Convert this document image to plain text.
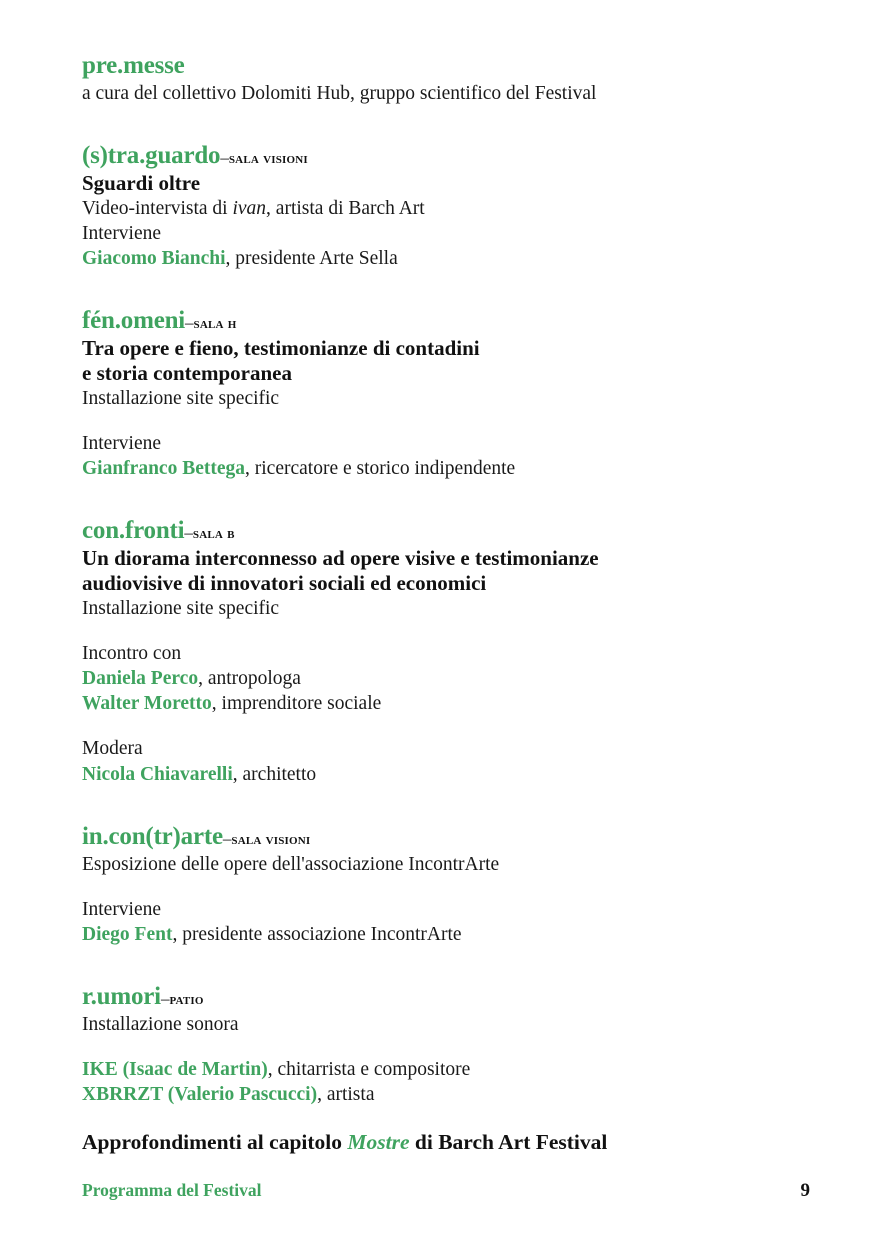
pre.messe
a cura del collettivo Dolomiti Hub, gruppo scientifico del Festival
(s)tra.guardo–sala visioni
Sguardi oltre
Video-intervista di ivan, artista di Barch Art
Interviene
Giacomo Bianchi, presidente Arte Sella
fén.omeni–sala h
Tra opere e fieno, testimonianze di contadini
e storia contemporanea
Installazione site specific
Interviene
Gianfranco Bettega, ricercatore e storico indipendente
con.fronti–sala b
Un diorama interconnesso ad opere visive e testimonianze
audiovisive di innovatori sociali ed economici
Installazione site specific
Incontro con
Daniela Perco, antropologa
Walter Moretto, imprenditore sociale
Modera
Nicola Chiavarelli, architetto
in.con(tr)arte–sala visioni
Esposizione delle opere dell'associazione IncontrArte
Interviene
Diego Fent, presidente associazione IncontrArte
r.umori–patio
Installazione sonora
IKE (Isaac de Martin), chitarrista e compositore
XBRRZT (Valerio Pascucci), artista
Approfondimenti al capitolo Mostre di Barch Art Festival
Programma del Festival	9
